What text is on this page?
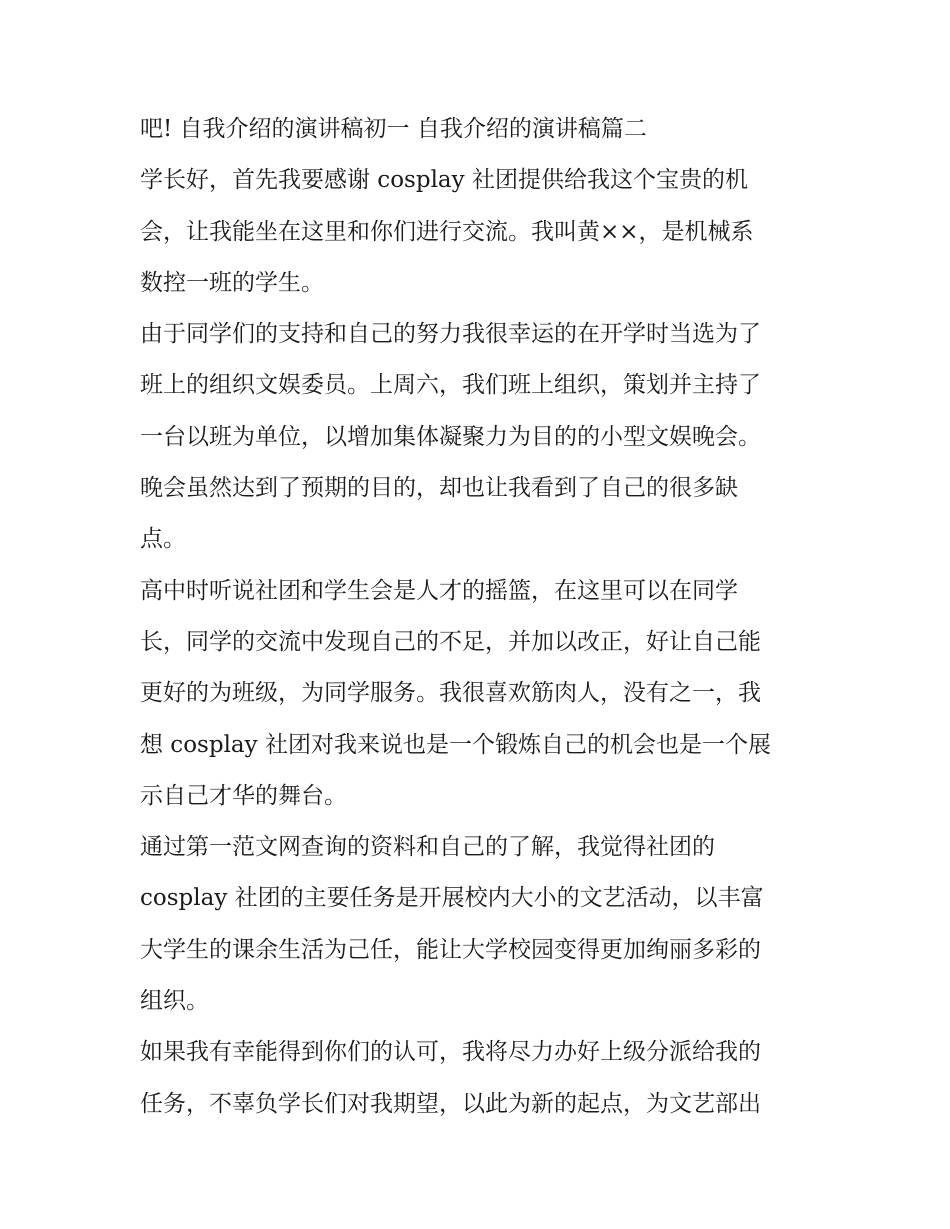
吧! 自我介绍的演讲稿初一 自我介绍的演讲稿篇二
学长好，首先我要感谢 cosplay 社团提供给我这个宝贵的机
会，让我能坐在这里和你们进行交流。我叫黄××，是机械系
数控一班的学生。
由于同学们的支持和自己的努力我很幸运的在开学时当选为了
班上的组织文娱委员。上周六，我们班上组织，策划并主持了
一台以班为单位，以增加集体凝聚力为目的的小型文娱晚会。
晚会虽然达到了预期的目的，却也让我看到了自己的很多缺
点。
高中时听说社团和学生会是人才的摇篮，在这里可以在同学
长，同学的交流中发现自己的不足，并加以改正，好让自己能
更好的为班级，为同学服务。我很喜欢筋肉人，没有之一，我
想 cosplay 社团对我来说也是一个锻炼自己的机会也是一个展
示自己才华的舞台。
通过第一范文网查询的资料和自己的了解，我觉得社团的
cosplay 社团的主要任务是开展校内大小的文艺活动，以丰富
大学生的课余生活为己任，能让大学校园变得更加绚丽多彩的
组织。
如果我有幸能得到你们的认可，我将尽力办好上级分派给我的
任务，不辜负学长们对我期望，以此为新的起点，为文艺部出
